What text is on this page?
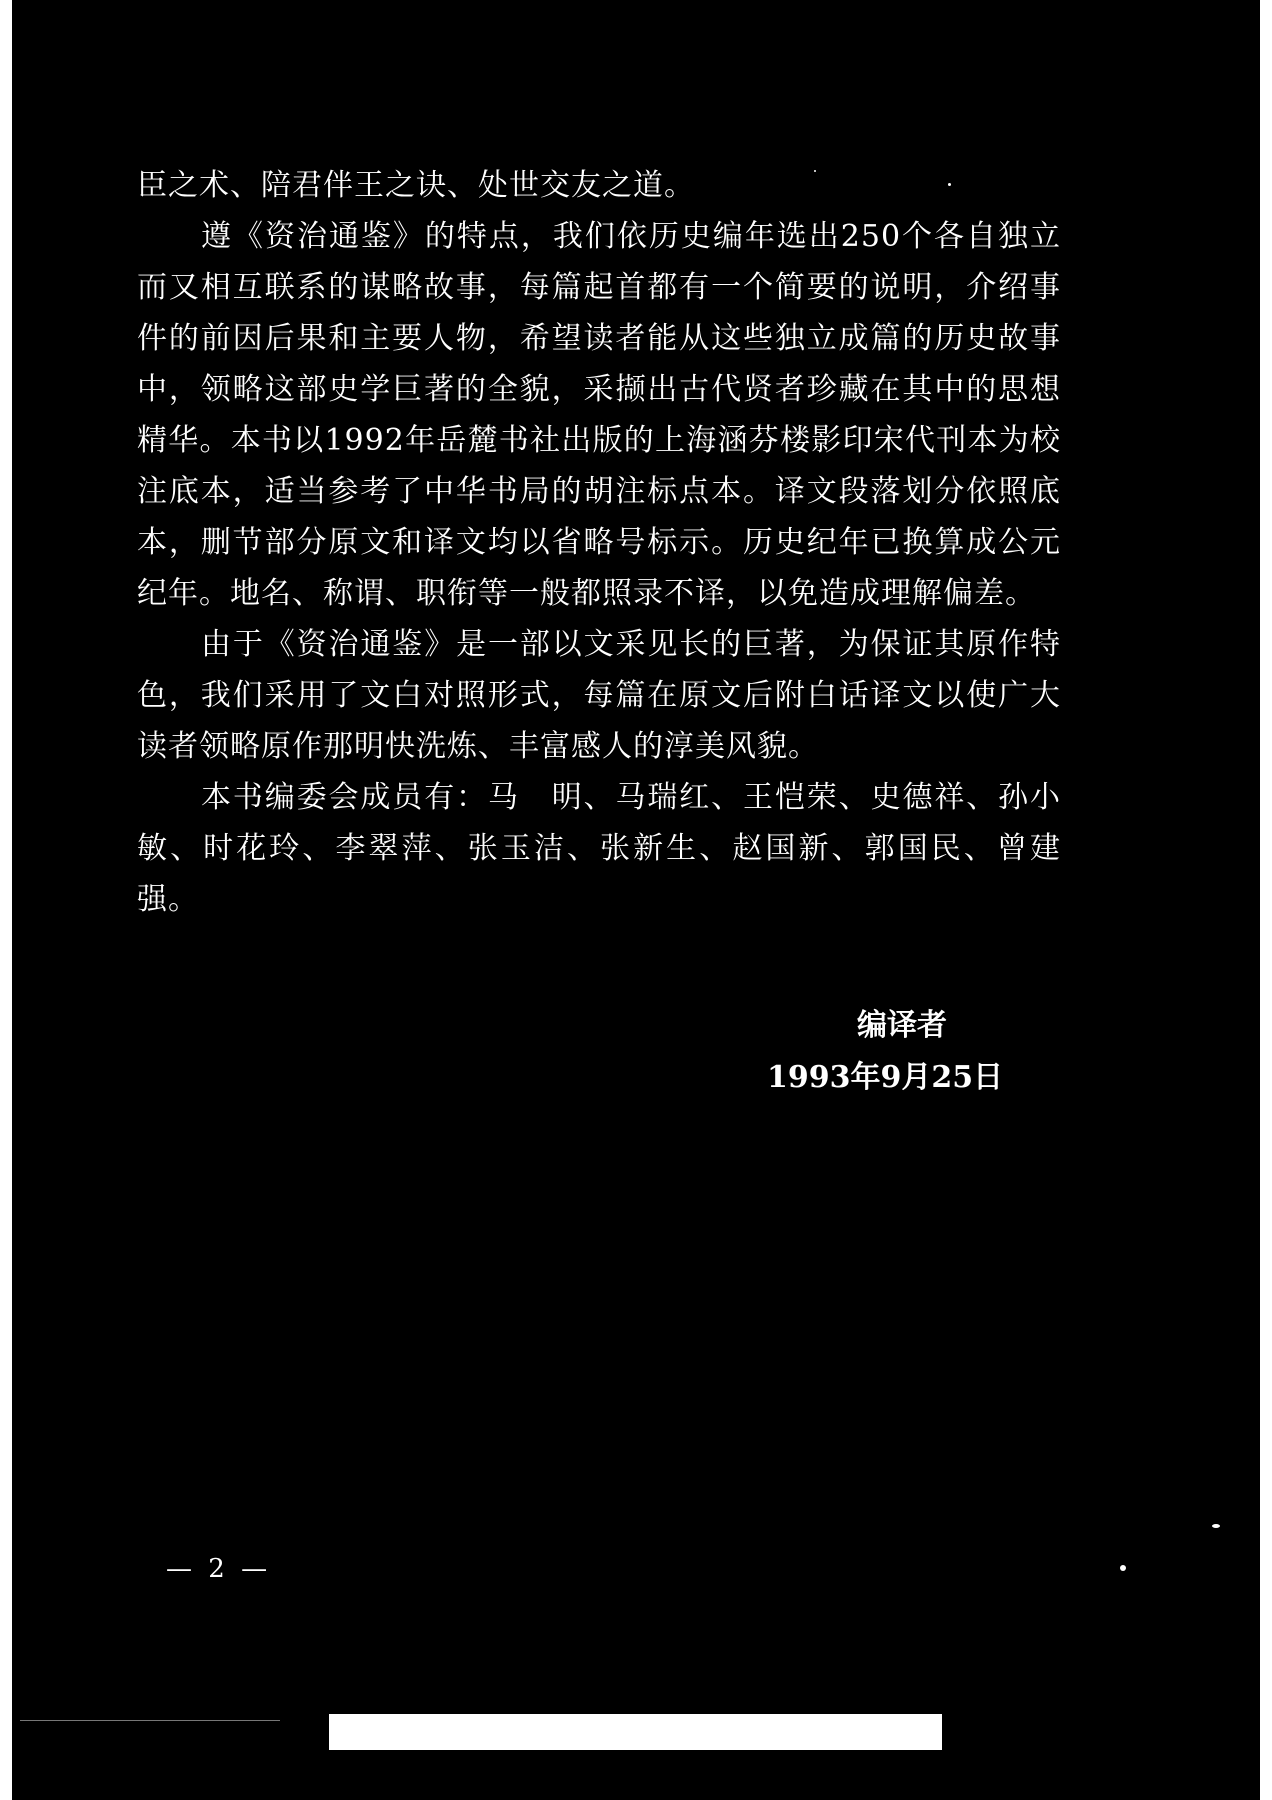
臣之术、陪君伴王之诀、处世交友之道。

遵《资治通鉴》的特点，我们依历史编年选出250个各自独立而又相互联系的谋略故事，每篇起首都有一个简要的说明，介绍事件的前因后果和主要人物，希望读者能从这些独立成篇的历史故事中，领略这部史学巨著的全貌，采撷出古代贤者珍藏在其中的思想精华。本书以1992年岳麓书社出版的上海涵芬楼影印宋代刊本为校注底本，适当参考了中华书局的胡注标点本。译文段落划分依照底本，删节部分原文和译文均以省略号标示。历史纪年已换算成公元纪年。地名、称谓、职衔等一般都照录不译，以免造成理解偏差。

由于《资治通鉴》是一部以文采见长的巨著，为保证其原作特色，我们采用了文白对照形式，每篇在原文后附白话译文以使广大读者领略原作那明快洗炼、丰富感人的淳美风貌。

本书编委会成员有：马　明、马瑞红、王恺荣、史德祥、孙小敏、时花玲、李翠萍、张玉洁、张新生、赵国新、郭国民、曾建强。

编译者
1993年9月25日
— 2 —
